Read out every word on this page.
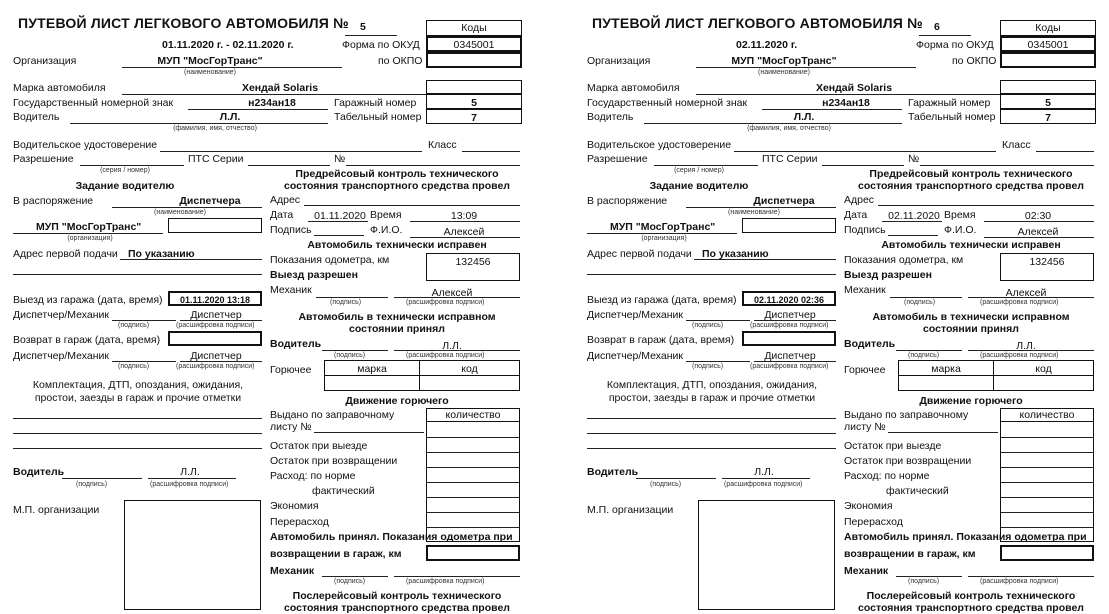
ПУТЕВОЙ ЛИСТ ЛЕГКОВОГО АВТОМОБИЛЯ № 5	Коды
01.11.2020 г. - 02.11.2020 г.	Форма по ОКУД	0345001
Организация	МУП "МосГорТранс"
(наименование)
по ОКПО
Марка автомобиля	Хендай Solaris
Государственный номерной знак	н234ан18	Гаражный номер	5
Водитель	Л.Л.
(фамилия, имя, отчество)
Табельный номер	7
Водительское удостоверение	Класс
Разрешение
(серия / номер)
ПТС Серии	№
Задание водителю
В распоряжение	Диспетчера
(наименование)
МУП "МосГорТранс"
(организация)
Адрес первой подачи По указанию
Выезд из гаража (дата, время)	01.11.2020 13:18
Диспетчер/Механик	Диспетчер
(подпись)	(расшифровка подписи)
Возврат в гараж (дата, время)
Диспетчер/Механик	Диспетчер
(подпись)	(расшифровка подписи)
Комплектация, ДТП, опоздания, ожидания,
простои, заезды в гараж и прочие отметки
Водитель	Л.Л.
(подпись)	(расшифровка подписи)
М.П. организации
Предрейсовый контроль технического
состояния транспортного средства провел
Адрес
Дата	01.11.2020 Время	13:09
Подпись	Ф.И.О.	Алексей
Автомобиль технически исправен
Показания одометра, км	132456
Выезд разрешен
Механик	Алексей
(подпись)	(расшифровка подписи)
Автомобиль в технически исправном
состоянии принял
Водитель	Л.Л.
(подпись)	(расшифровка подписи)
Горючее	марка	код
Движение горючего
Выдано по заправочному
листу №
количество
Остаток при выезде
Остаток при возвращении
Расход: по норме
фактический
Экономия
Перерасход
Автомобиль принял. Показания одометра при
возвращении в гараж, км
Механик
(подпись)	(расшифровка подписи)
Послерейсовый контроль технического
состояния транспортного средства провел
ПУТЕВОЙ ЛИСТ ЛЕГКОВОГО АВТОМОБИЛЯ № 6	Коды
02.11.2020 г.	Форма по ОКУД	0345001
Организация	МУП "МосГорТранс"
(наименование)
по ОКПО
Марка автомобиля	Хендай Solaris
Государственный номерной знак	н234ан18	Гаражный номер	5
Водитель	Л.Л.
(фамилия, имя, отчество)
Табельный номер	7
Водительское удостоверение	Класс
Разрешение
(серия / номер)
ПТС Серии	№
Задание водителю
В распоряжение	Диспетчера
(наименование)
МУП "МосГорТранс"
(организация)
Адрес первой подачи По указанию
Выезд из гаража (дата, время)	02.11.2020 02:36
Диспетчер/Механик	Диспетчер
(подпись)	(расшифровка подписи)
Возврат в гараж (дата, время)
Диспетчер/Механик	Диспетчер
(подпись)	(расшифровка подписи)
Комплектация, ДТП, опоздания, ожидания,
простои, заезды в гараж и прочие отметки
Водитель	Л.Л.
(подпись)	(расшифровка подписи)
М.П. организации
Предрейсовый контроль технического
состояния транспортного средства провел
Адрес
Дата	02.11.2020 Время	02:30
Подпись	Ф.И.О.	Алексей
Автомобиль технически исправен
Показания одометра, км	132456
Выезд разрешен
Механик	Алексей
(подпись)	(расшифровка подписи)
Автомобиль в технически исправном
состоянии принял
Водитель	Л.Л.
(подпись)	(расшифровка подписи)
Горючее	марка	код
Движение горючего
Выдано по заправочному
листу №
количество
Остаток при выезде
Остаток при возвращении
Расход: по норме
фактический
Экономия
Перерасход
Автомобиль принял. Показания одометра при
возвращении в гараж, км
Механик
(подпись)	(расшифровка подписи)
Послерейсовый контроль технического
состояния транспортного средства провел
